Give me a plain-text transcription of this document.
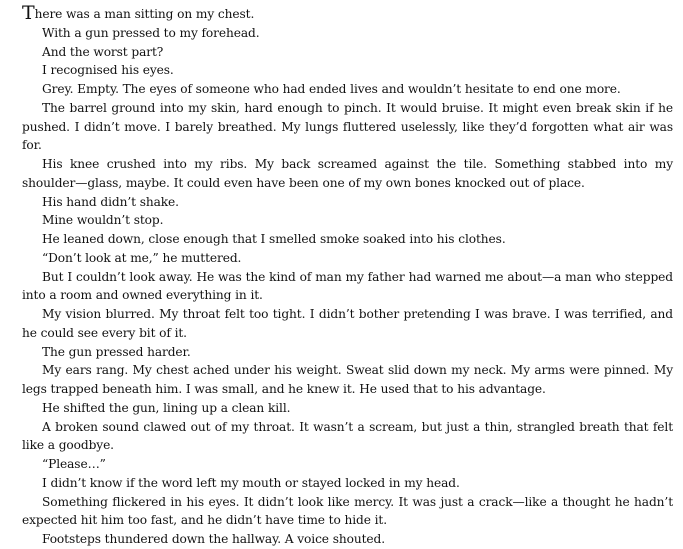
There was a man sitting on my chest.

With a gun pressed to my forehead.

And the worst part?

I recognised his eyes.

Grey. Empty. The eyes of someone who had ended lives and wouldn’t hesitate to end one more.

The barrel ground into my skin, hard enough to pinch. It would bruise. It might even break skin if he pushed. I didn’t move. I barely breathed. My lungs fluttered uselessly, like they’d forgotten what air was for.

His knee crushed into my ribs. My back screamed against the tile. Something stabbed into my shoulder—glass, maybe. It could even have been one of my own bones knocked out of place.

His hand didn’t shake.

Mine wouldn’t stop.

He leaned down, close enough that I smelled smoke soaked into his clothes.

“Don’t look at me,” he muttered.

But I couldn’t look away. He was the kind of man my father had warned me about—a man who stepped into a room and owned everything in it.

My vision blurred. My throat felt too tight. I didn’t bother pretending I was brave. I was terrified, and he could see every bit of it.

The gun pressed harder.

My ears rang. My chest ached under his weight. Sweat slid down my neck. My arms were pinned. My legs trapped beneath him. I was small, and he knew it. He used that to his advantage.

He shifted the gun, lining up a clean kill.

A broken sound clawed out of my throat. It wasn’t a scream, but just a thin, strangled breath that felt like a goodbye.

“Please…”

I didn’t know if the word left my mouth or stayed locked in my head.

Something flickered in his eyes. It didn’t look like mercy. It was just a crack—like a thought he hadn’t expected hit him too fast, and he didn’t have time to hide it.

Footsteps thundered down the hallway. A voice shouted.
